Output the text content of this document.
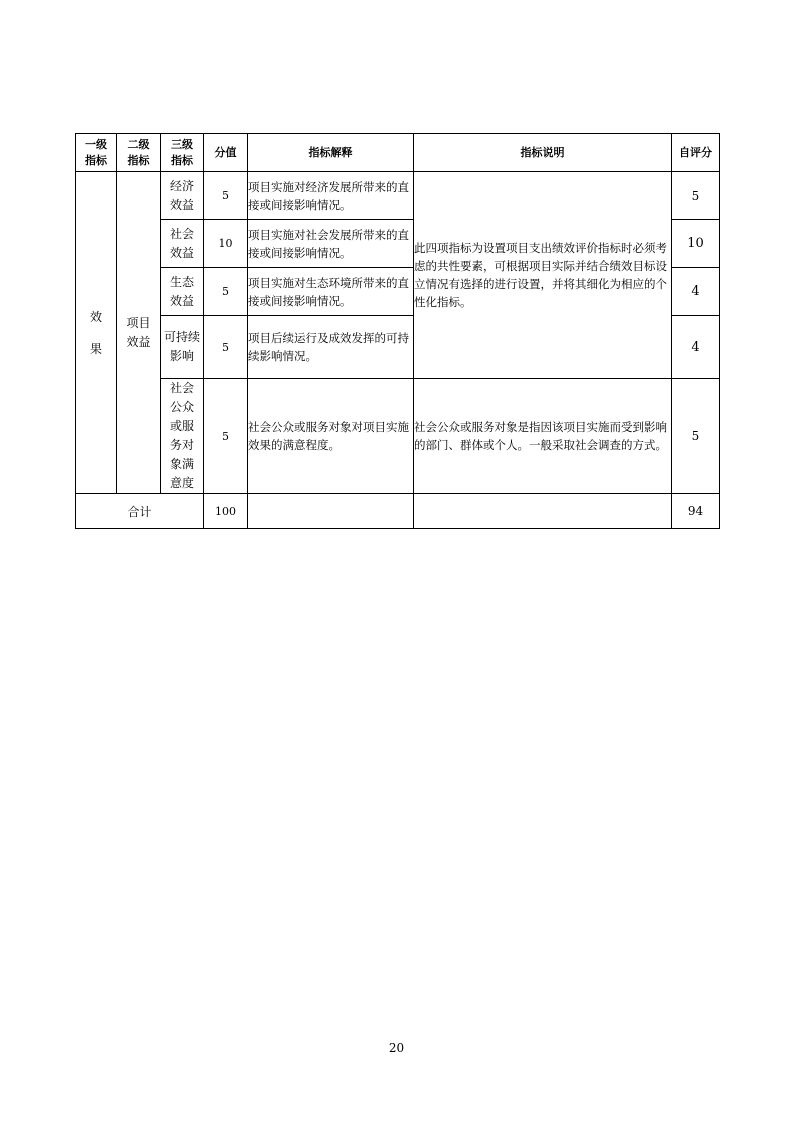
一级指标	二级指标	三级指标	分值	指标解释	指标说明	自评分

效果	项目效益	经济效益	5	项目实施对经济发展所带来的直接或间接影响情况。	此四项指标为设置项目支出绩效评价指标时必须考虑的共性要素，可根据项目实际并结合绩效目标设立情况有选择的进行设置，并将其细化为相应的个性化指标。	5

		社会效益	10	项目实施对社会发展所带来的直接或间接影响情况。		10

		生态效益	5	项目实施对生态环境所带来的直接或间接影响情况。		4

		可持续影响	5	项目后续运行及成效发挥的可持续影响情况。		4

		社会公众或服务对象满意度	5	社会公众或服务对象对项目实施效果的满意程度。	社会公众或服务对象是指因该项目实施而受到影响的部门、群体或个人。一般采取社会调查的方式。	5
合计			100			94
20
